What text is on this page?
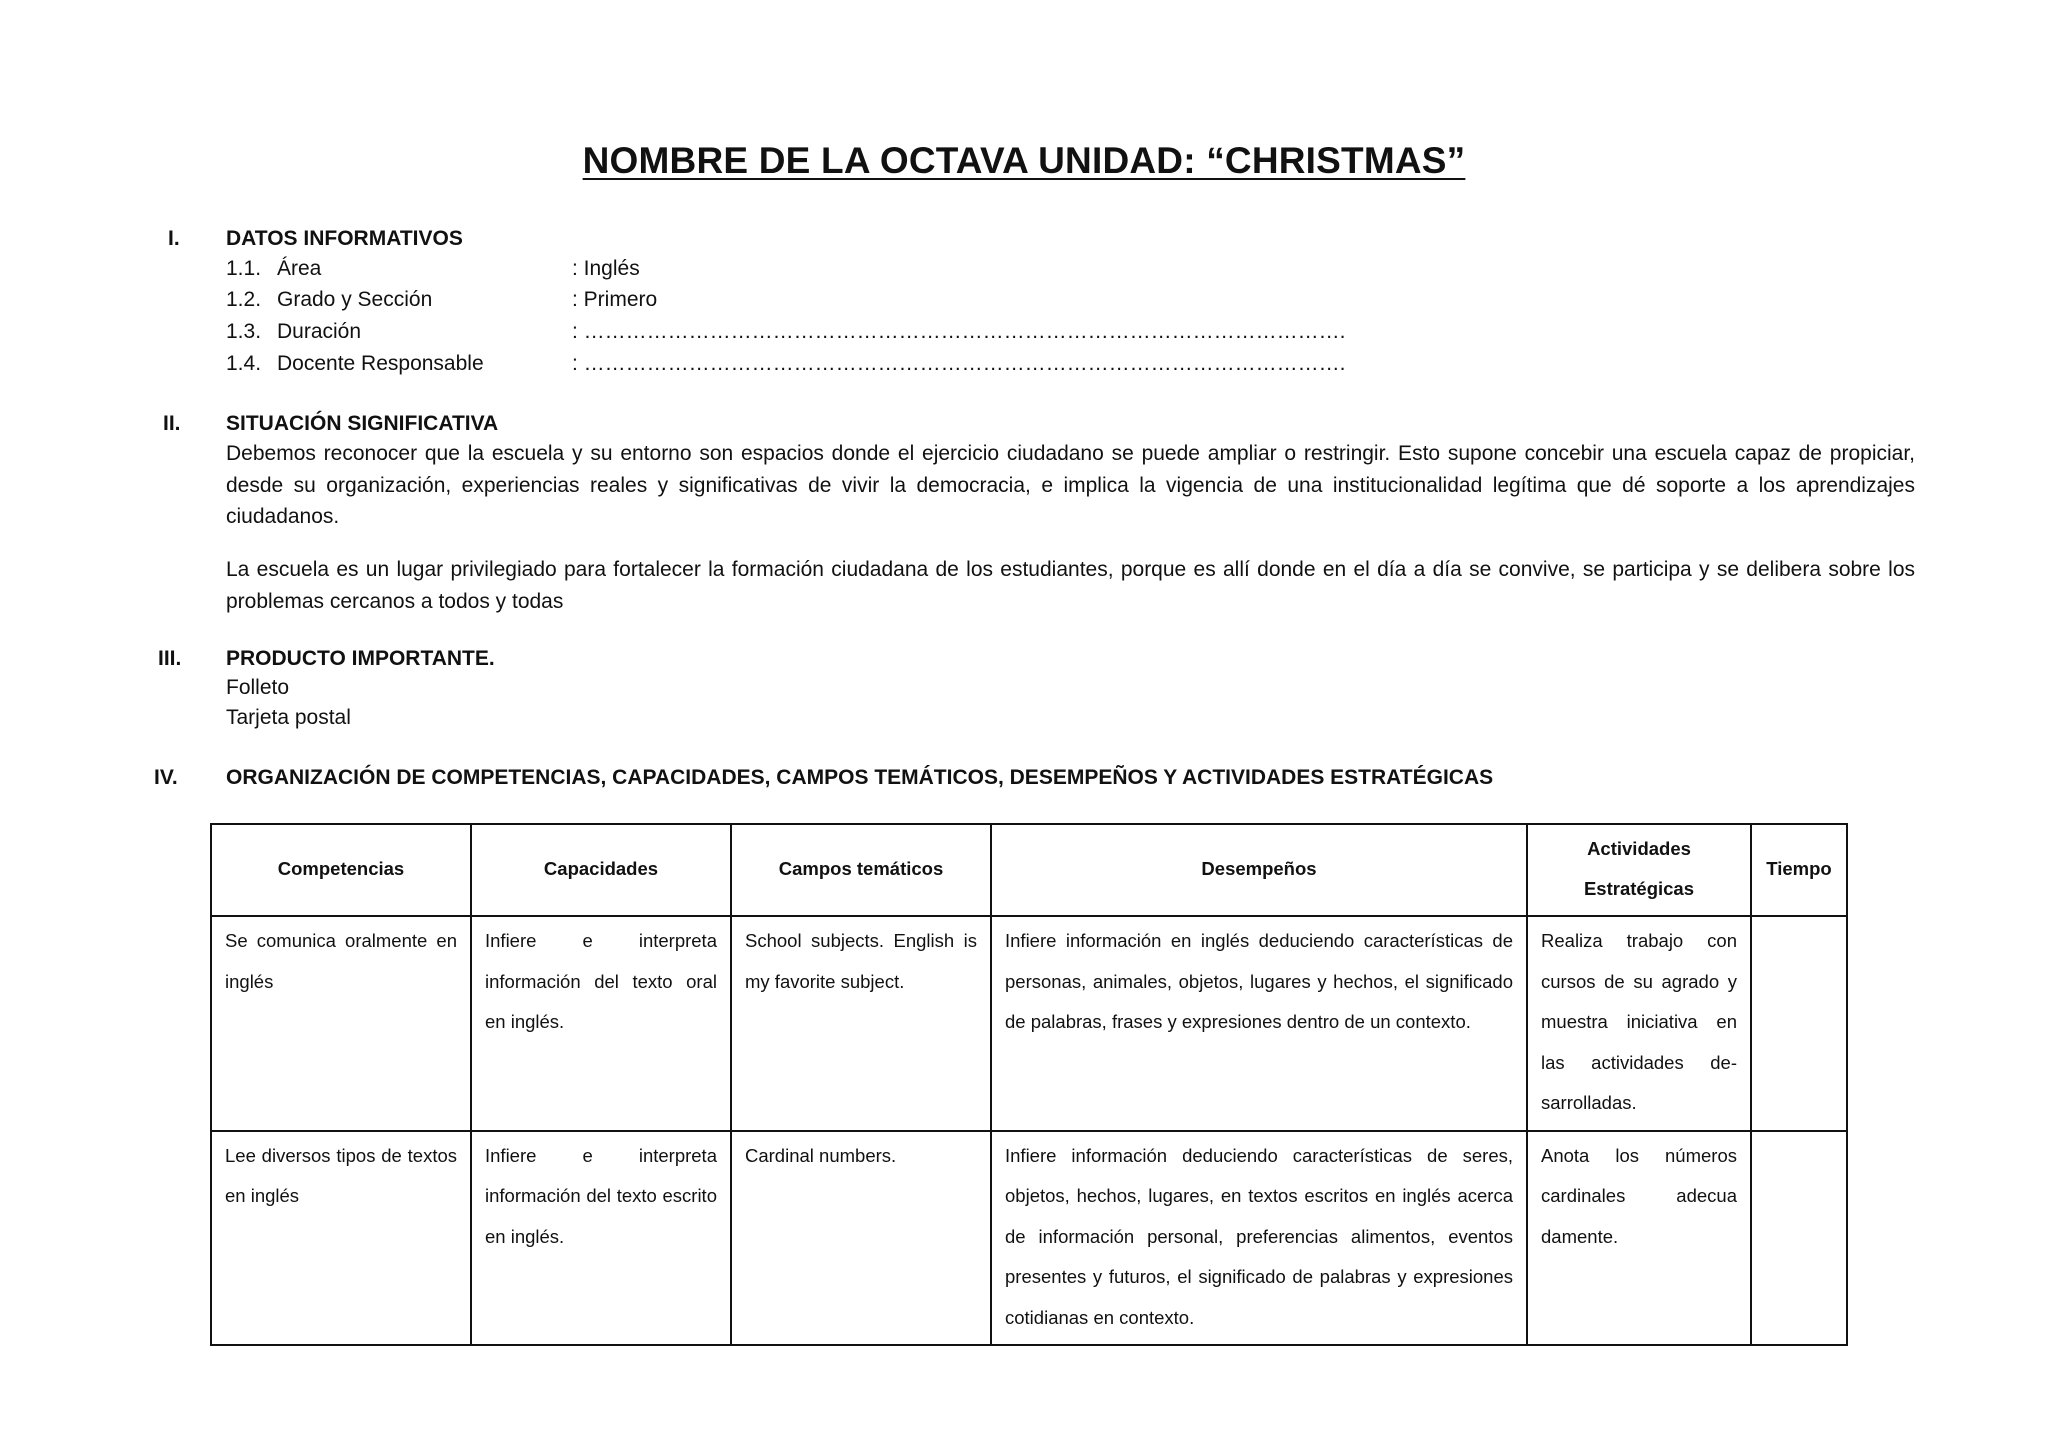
NOMBRE DE LA OCTAVA UNIDAD: “CHRISTMAS”
I. DATOS INFORMATIVOS
1.1. Área	: Inglés
1.2. Grado y Sección	: Primero
1.3. Duración	: ……………………………………………………………………………………………….
1.4. Docente Responsable	: ……………………………………………………………………………………………….
II. SITUACIÓN SIGNIFICATIVA
Debemos reconocer que la escuela y su entorno son espacios donde el ejercicio ciudadano se puede ampliar o restringir. Esto supone concebir una escuela capaz de propiciar, desde su organización, experiencias reales y significativas de vivir la democracia, e implica la vigencia de una institucionalidad legítima que dé soporte a los aprendizajes ciudadanos.
La escuela es un lugar privilegiado para fortalecer la formación ciudadana de los estudiantes, porque es allí donde en el día a día se convive, se participa y se delibera sobre los problemas cercanos a todos y todas
III. PRODUCTO IMPORTANTE.
Folleto
Tarjeta postal
IV. ORGANIZACIÓN DE COMPETENCIAS, CAPACIDADES, CAMPOS TEMÁTICOS, DESEMPEÑOS Y ACTIVIDADES ESTRATÉGICAS
Competencias	Capacidades	Campos temáticos	Desempeños	Actividades Estratégicas	Tiempo
Se comunica oralmente en inglés	Infiere e interpreta información del texto oral en inglés.	School subjects. English is my favorite subject.	Infiere información en inglés deduciendo características de personas, animales, objetos, lugares y hechos, el significado de palabras, frases y expresiones dentro de un contexto.	Realiza trabajo con cursos de su agrado y muestra iniciativa en las actividades de-sarrolladas.	
Lee diversos tipos de textos en inglés	Infiere e interpreta información del texto escrito en inglés.	Cardinal numbers.	Infiere información deduciendo características de seres, objetos, hechos, lugares, en textos escritos en inglés acerca de información personal, preferencias alimentos, eventos presentes y futuros, el significado de palabras y expresiones cotidianas en contexto.	Anota los números cardinales adecua damente.	
